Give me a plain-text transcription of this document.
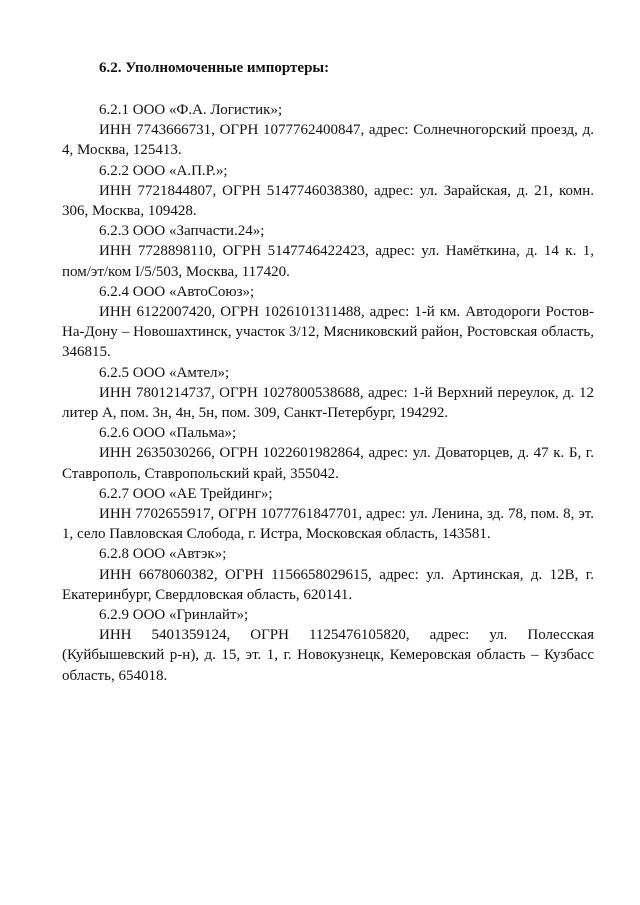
6.2. Уполномоченные импортеры:

6.2.1 ООО «Ф.А. Логистик»;

ИНН 7743666731, ОГРН 1077762400847, адрес: Солнечногорский проезд, д. 4, Москва, 125413.

6.2.2 ООО «А.П.Р.»;

ИНН 7721844807, ОГРН 5147746038380, адрес: ул. Зарайская, д. 21, комн. 306, Москва, 109428.

6.2.3 ООО «Запчасти.24»;

ИНН 7728898110, ОГРН 5147746422423, адрес: ул. Намёткина, д. 14 к. 1, пом/эт/ком I/5/503, Москва, 117420.

6.2.4 ООО «АвтоСоюз»;

ИНН 6122007420, ОГРН 1026101311488, адрес: 1-й км. Автодороги Ростов-На-Дону – Новошахтинск, участок 3/12, Мясниковский район, Ростовская область, 346815.

6.2.5 ООО «Амтел»;

ИНН 7801214737, ОГРН 1027800538688, адрес: 1-й Верхний переулок, д. 12 литер А, пом. 3н, 4н, 5н, пом. 309, Санкт-Петербург, 194292.

6.2.6 ООО «Пальма»;

ИНН 2635030266, ОГРН 1022601982864, адрес: ул. Доваторцев, д. 47 к. Б, г. Ставрополь, Ставропольский край, 355042.

6.2.7 ООО «АЕ Трейдинг»;

ИНН 7702655917, ОГРН 1077761847701, адрес: ул. Ленина, зд. 78, пом. 8, эт. 1, село Павловская Слобода, г. Истра, Московская область, 143581.

6.2.8 ООО «Автэк»;

ИНН 6678060382, ОГРН 1156658029615, адрес: ул. Артинская, д. 12В, г. Екатеринбург, Свердловская область, 620141.

6.2.9 ООО «Гринлайт»;

ИНН 5401359124, ОГРН 1125476105820, адрес: ул. Полесская (Куйбышевский р-н), д. 15, эт. 1, г. Новокузнецк, Кемеровская область – Кузбасс область, 654018.
